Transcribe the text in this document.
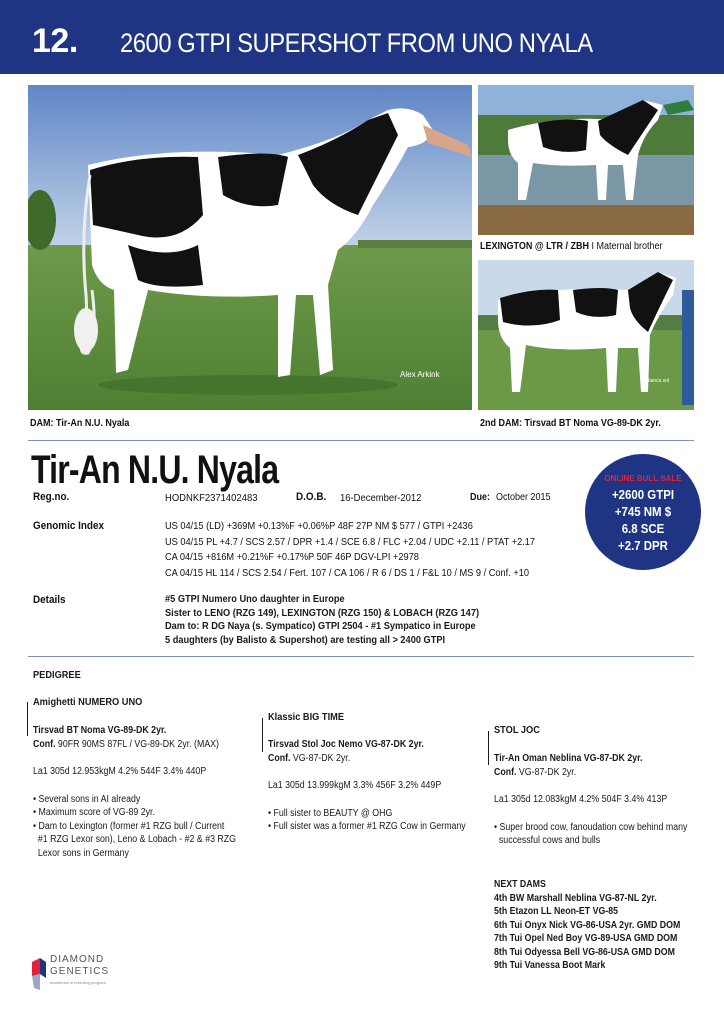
12. 2600 GTPI SUPERSHOT FROM UNO NYALA
Alex Arkink
LEXINGTON @ LTR / ZBH I Maternal brother
Bianca sol
DAM: Tir-An N.U. Nyala	2nd DAM: Tirsvad BT Noma VG-89-DK 2yr.
Tir-An N.U. Nyala	ONLINE BULL SALE
+2600 GTPI
+745 NM $
6.8 SCE
+2.7 DPR
Reg.no.	HODNKF2371402483	D.O.B. 16-December-2012	Due: October 2015
Genomic Index	US 04/15 (LD) +369M +0.13%F +0.06%P 48F 27P NM $ 577 / GTPI +2436
US 04/15 PL +4.7 / SCS 2.57 / DPR +1.4 / SCE 6.8 / FLC +2.04 / UDC +2.11 / PTAT +2.17
CA 04/15 +816M +0.21%F +0.17%P 50F 46P DGV-LPI +2978
CA 04/15 HL 114 / SCS 2.54 / Fert. 107 / CA 106 / R 6 / DS 1 / F&L 10 / MS 9 / Conf. +10
Details	#5 GTPI Numero Uno daughter in Europe
Sister to LENO (RZG 149), LEXINGTON (RZG 150) & LOBACH (RZG 147)
Dam to: R DG Naya (s. Sympatico) GTPI 2504 - #1 Sympatico in Europe
5 daughters (by Balisto & Supershot) are testing all > 2400 GTPI
PEDIGREE
Amighetti NUMERO UNO
Tirsvad BT Noma VG-89-DK 2yr.
Conf. 90FR 90MS 87FL / VG-89-DK 2yr. (MAX)
La1 305d 12.953kgM 4.2% 544F 3.4% 440P
• Several sons in AI already
• Maximum score of VG-89 2yr.
• Dam to Lexington (former #1 RZG bull / Current
#1 RZG Lexor son), Leno & Lobach - #2 & #3 RZG
Lexor sons in Germany
Klassic BIG TIME
Tirsvad Stol Joc Nemo VG-87-DK 2yr.
Conf. VG-87-DK 2yr.
La1 305d 13.999kgM 3.3% 456F 3.2% 449P
• Full sister to BEAUTY @ OHG
• Full sister was a former #1 RZG Cow in Germany
STOL JOC
Tir-An Oman Neblina VG-87-DK 2yr.
Conf. VG-87-DK 2yr.
La1 305d 12.083kgM 4.2% 504F 3.4% 413P
• Super brood cow, fanoudation cow behind many
successful cows and bulls
NEXT DAMS
4th BW Marshall Neblina VG-87-NL 2yr.
5th Etazon LL Neon-ET VG-85
6th Tui Onyx Nick VG-86-USA 2yr. GMD DOM
7th Tui Opel Ned Boy VG-89-USA GMD DOM
8th Tui Odyessa Bell VG-86-USA GMD DOM
9th Tui Vanessa Boot Mark
DIAMOND
GENETICS
excellence in breeding program
